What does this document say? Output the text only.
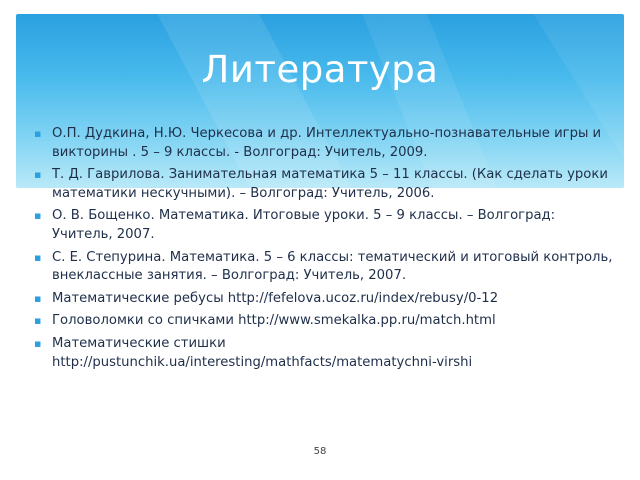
Литература
▪ О.П. Дудкина, Н.Ю. Черкесова и др. Интеллектуально-познавательные игры и викторины . 5 – 9 классы. - Волгоград: Учитель, 2009.
▪ Т. Д. Гаврилова. Занимательная математика 5 – 11 классы. (Как сделать уроки математики нескучными). – Волгоград: Учитель, 2006.
▪ О. В. Бощенко. Математика. Итоговые уроки. 5 – 9 классы. – Волгоград: Учитель, 2007.
▪ С. Е. Степурина. Математика. 5 – 6 классы: тематический и итоговый контроль, внеклассные занятия. – Волгоград: Учитель, 2007.
▪ Математические ребусы http://fefelova.ucoz.ru/index/rebusy/0-12
▪ Головоломки со спичками http://www.smekalka.pp.ru/match.html
▪ Математические стишки http://pustunchik.ua/interesting/mathfacts/matematychni-virshi
58
